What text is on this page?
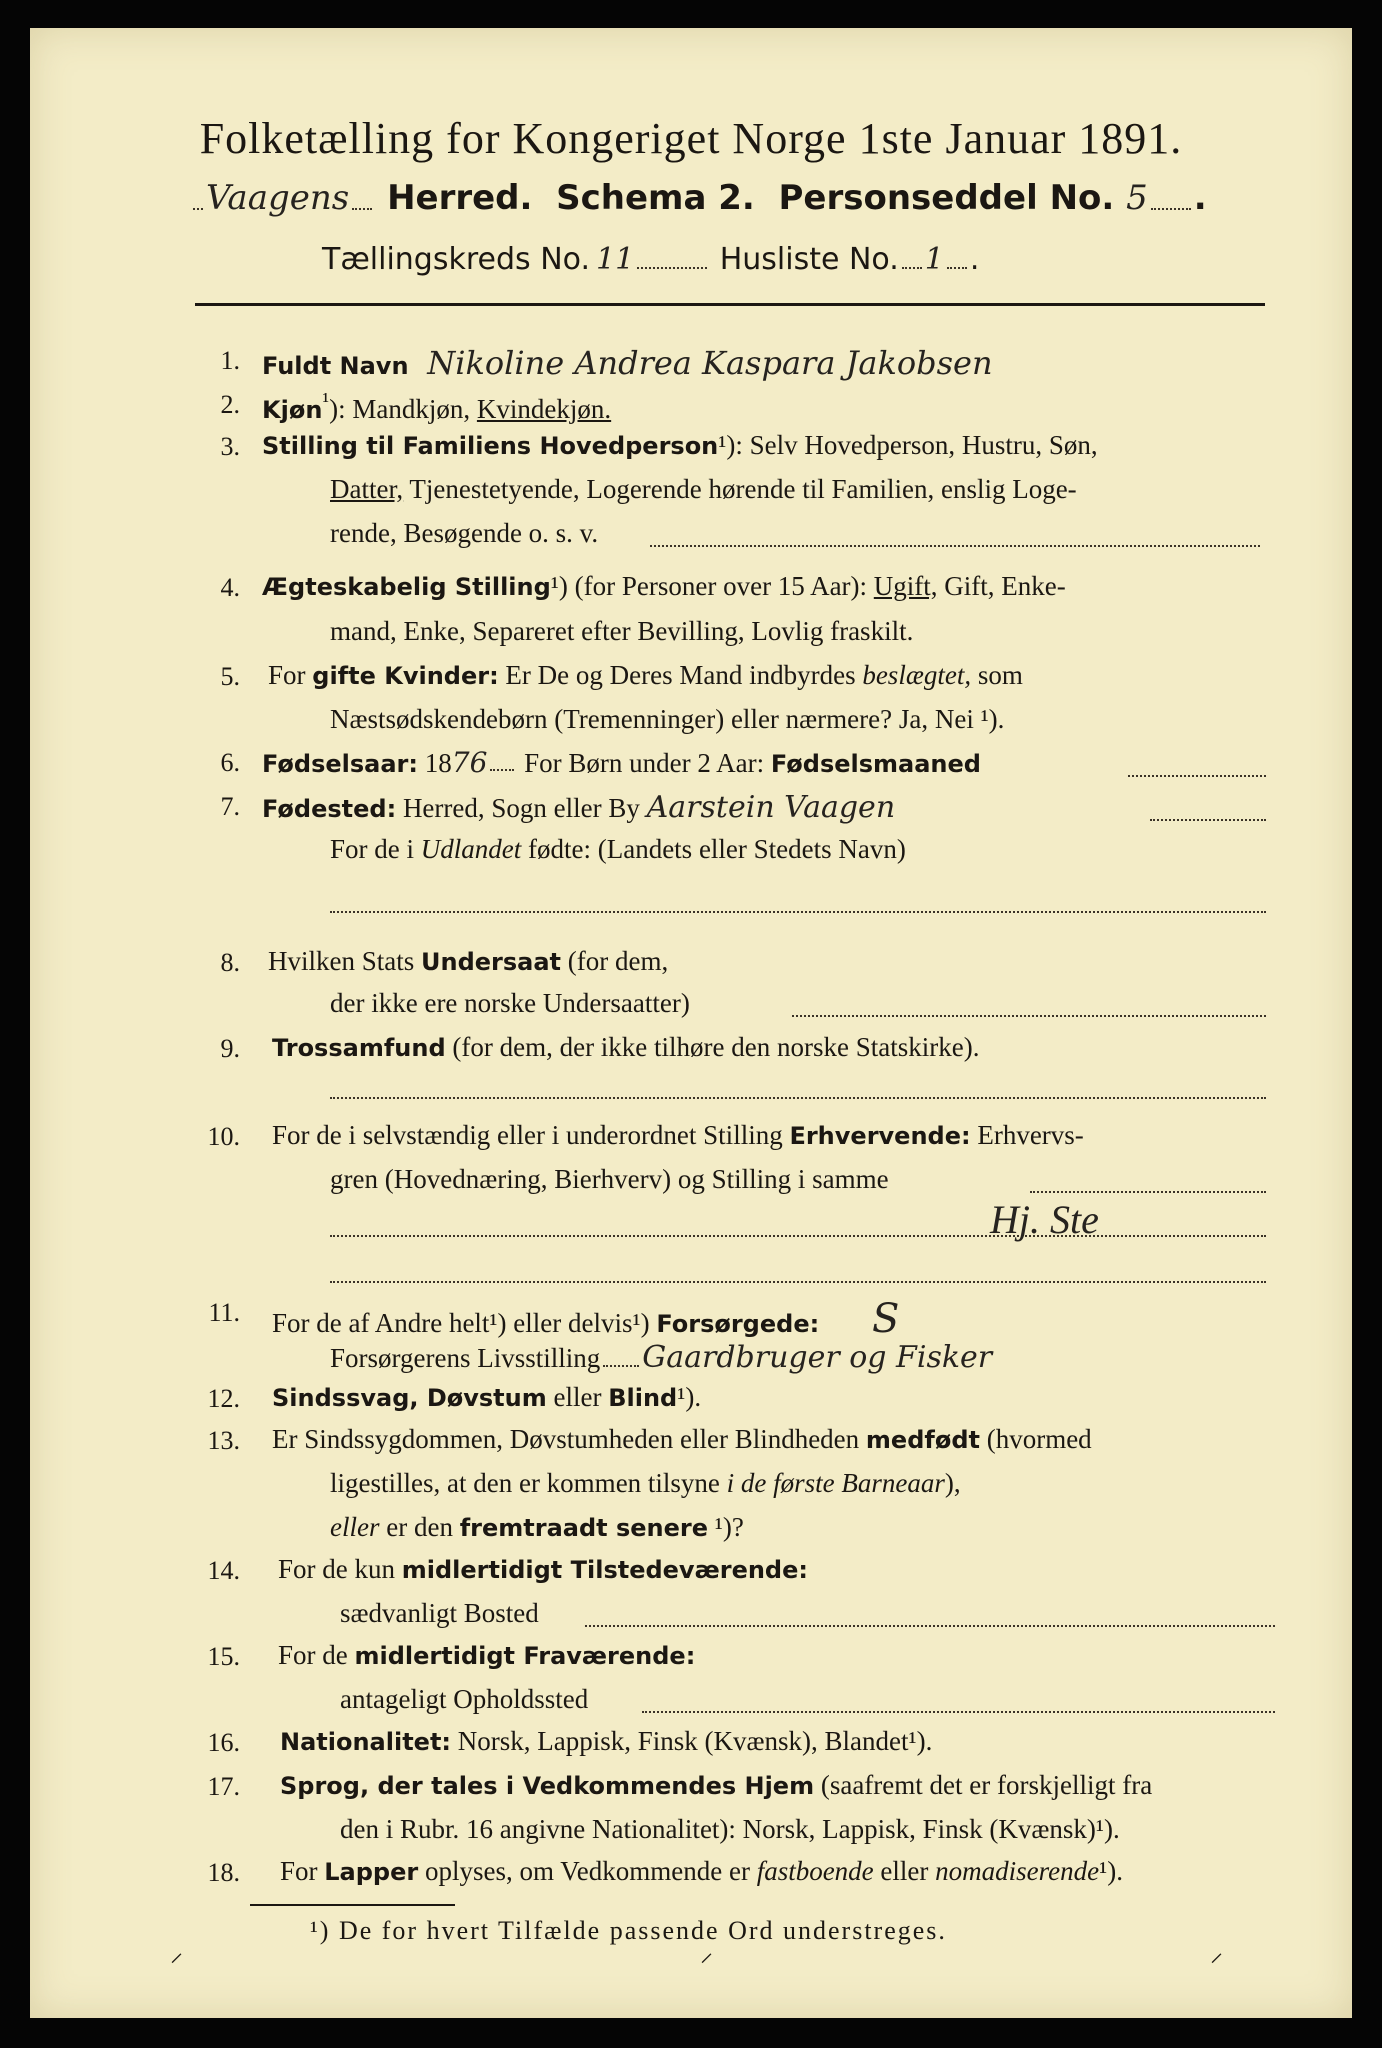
Folketælling for Kongeriget Norge 1ste Januar 1891.
Vaagens Herred. Schema 2. Personseddel No. 5 .
Tællingskreds No. 11	Husliste No. 1 .
1. Fuldt Navn Nikoline Andrea Kaspara Jakobsen
2. Kjøn$^{^1}$): Mandkjøn, Kvindekjøn.
3. Stilling til Familiens Hovedperson¹): Selv Hovedperson, Hustru, Søn,
Datter, Tjenestetyende, Logerende hørende til Familien, enslig Loge-
rende, Besøgende o. s. v.
4. Ægteskabelig Stilling¹) (for Personer over 15 Aar): Ugift, Gift, Enke-
mand, Enke, Separeret efter Bevilling, Lovlig fraskilt.
5. For gifte Kvinder: Er De og Deres Mand indbyrdes beslægtet, som
Næstsødskendebørn (Tremenninger) eller nærmere? Ja, Nei ¹).
6. Fødselsaar: 1876 For Børn under 2 Aar: Fødselsmaaned
7. Fødested: Herred, Sogn eller By Aarstein Vaagen
For de i Udlandet fødte: (Landets eller Stedets Navn)
8. Hvilken Stats Undersaat (for dem,
der ikke ere norske Undersaatter)
9. Trossamfund (for dem, der ikke tilhøre den norske Statskirke).
10. For de i selvstændig eller i underordnet Stilling Erhvervende: Erhvervs-
gren (Hovednæring, Bierhverv) og Stilling i samme
Hj. Ste
11. For de af Andre helt¹) eller delvis¹) Forsørgede: S
Forsørgerens Livsstilling Gaardbruger og Fisker
12. Sindssvag, Døvstum eller Blind¹).
13. Er Sindssygdommen, Døvstumheden eller Blindheden medfødt (hvormed
ligestilles, at den er kommen tilsyne i de første Barneaar),
eller er den fremtraadt senere ¹)?
14. For de kun midlertidigt Tilstedeværende:
sædvanligt Bosted
15. For de midlertidigt Fraværende:
antageligt Opholdssted
16. Nationalitet: Norsk, Lappisk, Finsk (Kvænsk), Blandet¹).
17. Sprog, der tales i Vedkommendes Hjem (saafremt det er forskjelligt fra
den i Rubr. 16 angivne Nationalitet): Norsk, Lappisk, Finsk (Kvænsk)¹).
18. For Lapper oplyses, om Vedkommende er fastboende eller nomadiserende¹).
¹) De for hvert Tilfælde passende Ord understreges.
⸝	⸝	⸝
